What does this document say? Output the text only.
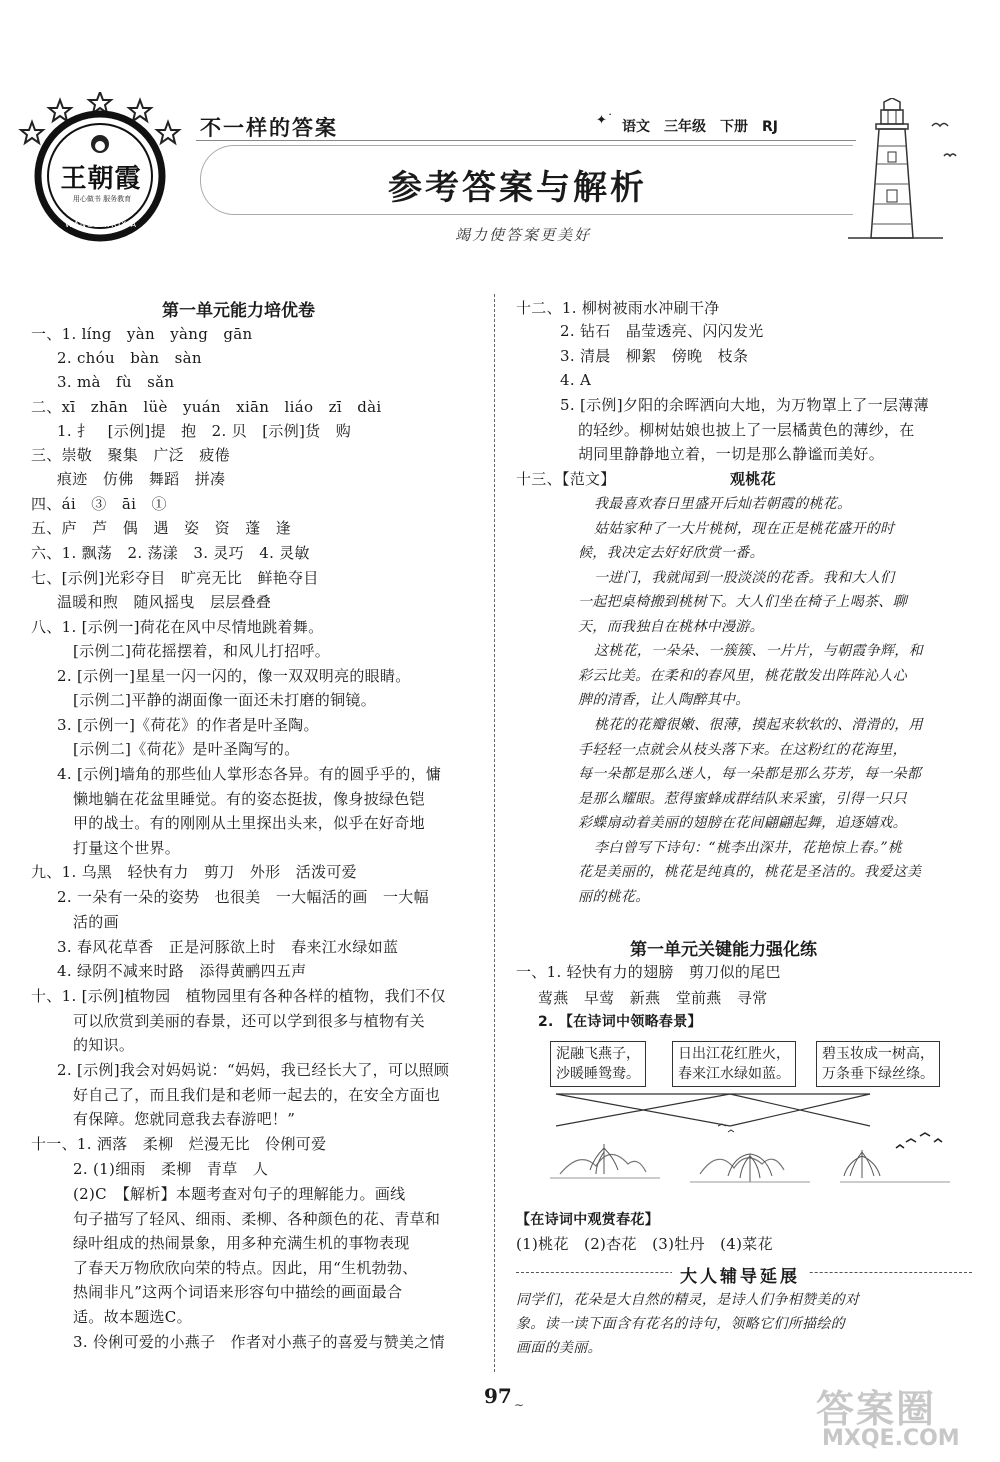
王朝霞
用心做书 服务教育
WANGZHAOXIA
不一样的答案	✦˙ 语文　三年级　下册　RJ
参考答案与解析
竭力使答案更美好
第一单元能力培优卷
一、1. líng　yàn　yàng　gān
2. chóu　bàn　sàn
3. mà　fù　sǎn
二、xī　zhān　lüè　yuán　xiān　liáo　zī　dài
1. 扌　[示例]提　抱　2. 贝　[示例]货　购
三、崇敬　聚集　广泛　疲倦
痕迹　仿佛　舞蹈　拼凑
四、ái　③　āi　①
五、庐　芦　偶　遇　姿　资　蓬　逢
六、1. 飘荡　2. 荡漾　3. 灵巧　4. 灵敏
七、[示例]光彩夺目　旷亮无比　鲜艳夺目
温暖和煦　随风摇曳　层层叠叠
八、1. [示例一]荷花在风中尽情地跳着舞。
[示例二]荷花摇摆着，和风儿打招呼。
2. [示例一]星星一闪一闪的，像一双双明亮的眼睛。
[示例二]平静的湖面像一面还未打磨的铜镜。
3. [示例一]《荷花》的作者是叶圣陶。
[示例二]《荷花》是叶圣陶写的。
4. [示例]墙角的那些仙人掌形态各异。有的圆乎乎的，慵
懒地躺在花盆里睡觉。有的姿态挺拔，像身披绿色铠
甲的战士。有的刚刚从土里探出头来，似乎在好奇地
打量这个世界。
九、1. 乌黑　轻快有力　剪刀　外形　活泼可爱
2. 一朵有一朵的姿势　也很美　一大幅活的画　一大幅
活的画
3. 春风花草香　正是河豚欲上时　春来江水绿如蓝
4. 绿阴不减来时路　添得黄鹂四五声
十、1. [示例]植物园　植物园里有各种各样的植物，我们不仅
可以欣赏到美丽的春景，还可以学到很多与植物有关
的知识。
2. [示例]我会对妈妈说：“妈妈，我已经长大了，可以照顾
好自己了，而且我们是和老师一起去的，在安全方面也
有保障。您就同意我去春游吧！”
十一、1. 洒落　柔柳　烂漫无比　伶俐可爱
2. (1)细雨　柔柳　青草　人
(2)C　【解析】本题考查对句子的理解能力。画线
句子描写了轻风、细雨、柔柳、各种颜色的花、青草和
绿叶组成的热闹景象，用多种充满生机的事物表现
了春天万物欣欣向荣的特点。因此，用“生机勃勃、
热闹非凡”这两个词语来形容句中描绘的画面最合
适。故本题选C。
3. 伶俐可爱的小燕子　作者对小燕子的喜爱与赞美之情
十二、1. 柳树被雨水冲刷干净
2. 钻石　晶莹透亮、闪闪发光
3. 清晨　柳絮　傍晚　枝条
4. A
5. [示例]夕阳的余晖洒向大地，为万物罩上了一层薄薄
的轻纱。柳树姑娘也披上了一层橘黄色的薄纱，在
胡同里静静地立着，一切是那么静谧而美好。
十三、【范文】	观桃花
我最喜欢春日里盛开后灿若朝霞的桃花。
姑姑家种了一大片桃树，现在正是桃花盛开的时
候，我决定去好好欣赏一番。
一进门，我就闻到一股淡淡的花香。我和大人们
一起把桌椅搬到桃树下。大人们坐在椅子上喝茶、聊
天，而我独自在桃林中漫游。
这桃花，一朵朵、一簇簇、一片片，与朝霞争辉，和
彩云比美。在柔和的春风里，桃花散发出阵阵沁人心
脾的清香，让人陶醉其中。
桃花的花瓣很嫩、很薄，摸起来软软的、滑滑的，用
手轻轻一点就会从枝头落下来。在这粉红的花海里，
每一朵都是那么迷人，每一朵都是那么芬芳，每一朵都
是那么耀眼。惹得蜜蜂成群结队来采蜜，引得一只只
彩蝶扇动着美丽的翅膀在花间翩翩起舞，追逐嬉戏。
李白曾写下诗句：“桃李出深井，花艳惊上春。”桃
花是美丽的，桃花是纯真的，桃花是圣洁的。我爱这美
丽的桃花。
第一单元关键能力强化练
一、1. 轻快有力的翅膀　剪刀似的尾巴
莺燕　早莺　新燕　堂前燕　寻常
2. 【在诗词中领略春景】
泥融飞燕子，
沙暖睡鸳鸯。
日出江花红胜火，
春来江水绿如蓝。
碧玉妆成一树高，
万条垂下绿丝绦。
【在诗词中观赏春花】
(1)桃花　(2)杏花　(3)牡丹　(4)菜花
大人辅导延展
同学们，花朵是大自然的精灵，是诗人们争相赞美的对
象。读一读下面含有花名的诗句，领略它们所描绘的
画面的美丽。
97 ∼	答案圈
MXQE.COM
